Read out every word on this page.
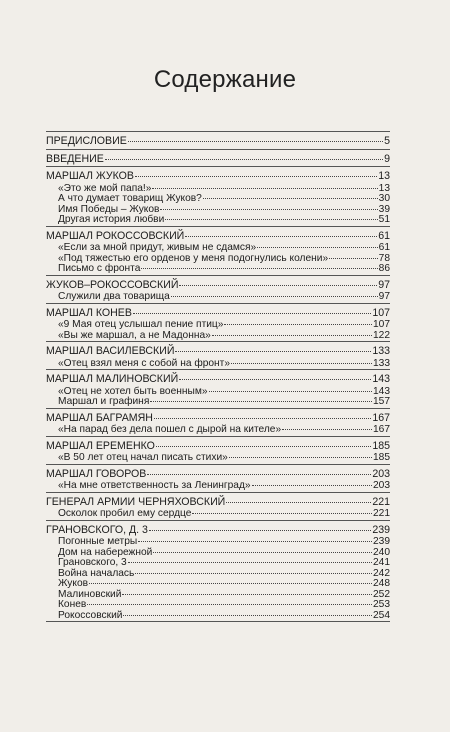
Содержание
ПРЕДИСЛОВИЕ	5
ВВЕДЕНИЕ	9
МАРШАЛ ЖУКОВ	13
«Это же мой папа!»	13
А что думает товарищ Жуков?	30
Имя Победы – Жуков	39
Другая история любви	51
МАРШАЛ РОКОССОВСКИЙ	61
«Если за мной придут, живым не сдамся»	61
«Под тяжестью его орденов у меня подогнулись колени»	78
Письмо с фронта	86
ЖУКОВ–РОКОССОВСКИЙ	97
Служили два товарища	97
МАРШАЛ КОНЕВ	107
«9 Мая отец услышал пение птиц»	107
«Вы же маршал, а не Мадонна»	122
МАРШАЛ ВАСИЛЕВСКИЙ	133
«Отец взял меня с собой на фронт»	133
МАРШАЛ МАЛИНОВСКИЙ	143
«Отец не хотел быть военным»	143
Маршал и графиня	157
МАРШАЛ БАГРАМЯН	167
«На парад без дела пошел с дырой на кителе»	167
МАРШАЛ ЕРЕМЕНКО	185
«В 50 лет отец начал писать стихи»	185
МАРШАЛ ГОВОРОВ	203
«На мне ответственность за Ленинград»	203
ГЕНЕРАЛ АРМИИ ЧЕРНЯХОВСКИЙ	221
Осколок пробил ему сердце	221
ГРАНОВСКОГО, Д. 3	239
Погонные метры	239
Дом на набережной	240
Грановского, 3	241
Война началась	242
Жуков	248
Малиновский	252
Конев	253
Рокоссовский	254
